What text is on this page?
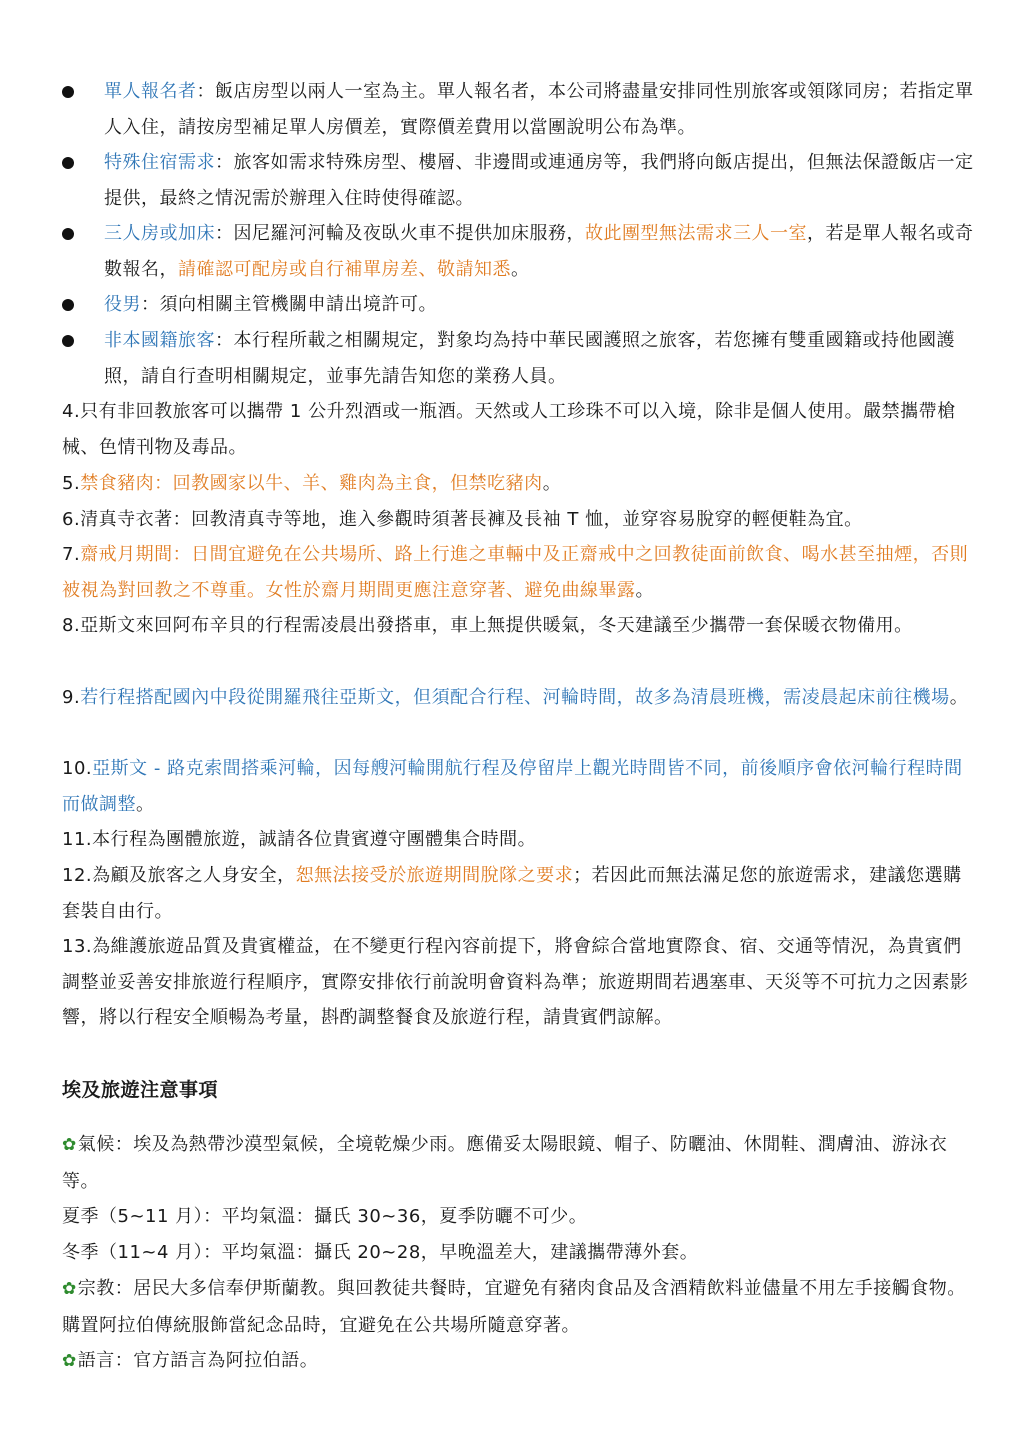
單人報名者：飯店房型以兩人一室為主。單人報名者，本公司將盡量安排同性別旅客或領隊同房；若指定單人入住，請按房型補足單人房價差，實際價差費用以當團說明公布為準。
特殊住宿需求：旅客如需求特殊房型、樓層、非邊間或連通房等，我們將向飯店提出，但無法保證飯店一定提供，最終之情況需於辦理入住時使得確認。
三人房或加床：因尼羅河河輪及夜臥火車不提供加床服務，故此團型無法需求三人一室，若是單人報名或奇數報名，請確認可配房或自行補單房差、敬請知悉。
役男：須向相關主管機關申請出境許可。
非本國籍旅客：本行程所載之相關規定，對象均為持中華民國護照之旅客，若您擁有雙重國籍或持他國護照，請自行查明相關規定，並事先請告知您的業務人員。
4.只有非回教旅客可以攜帶 1 公升烈酒或一瓶酒。天然或人工珍珠不可以入境，除非是個人使用。嚴禁攜帶槍械、色情刊物及毒品。
5.禁食豬肉：回教國家以牛、羊、雞肉為主食，但禁吃豬肉。
6.清真寺衣著：回教清真寺等地，進入參觀時須著長褲及長袖 T 恤，並穿容易脫穿的輕便鞋為宜。
7.齋戒月期間：日間宜避免在公共場所、路上行進之車輛中及正齋戒中之回教徒面前飲食、喝水甚至抽煙，否則被視為對回教之不尊重。女性於齋月期間更應注意穿著、避免曲線畢露。
8.亞斯文來回阿布辛貝的行程需凌晨出發搭車，車上無提供暖氣，冬天建議至少攜帶一套保暖衣物備用。
9.若行程搭配國內中段從開羅飛往亞斯文，但須配合行程、河輪時間，故多為清晨班機，需凌晨起床前往機場。
10.亞斯文 - 路克索間搭乘河輪，因每艘河輪開航行程及停留岸上觀光時間皆不同，前後順序會依河輪行程時間而做調整。
11.本行程為團體旅遊，誠請各位貴賓遵守團體集合時間。
12.為顧及旅客之人身安全，恕無法接受於旅遊期間脫隊之要求；若因此而無法滿足您的旅遊需求，建議您選購套裝自由行。
13.為維護旅遊品質及貴賓權益，在不變更行程內容前提下，將會綜合當地實際食、宿、交通等情況，為貴賓們調整並妥善安排旅遊行程順序，實際安排依行前說明會資料為準；旅遊期間若遇塞車、天災等不可抗力之因素影響，將以行程安全順暢為考量，斟酌調整餐食及旅遊行程，請貴賓們諒解。
埃及旅遊注意事項
✿氣候：埃及為熱帶沙漠型氣候，全境乾燥少雨。應備妥太陽眼鏡、帽子、防曬油、休閒鞋、潤膚油、游泳衣等。
夏季（5~11 月）：平均氣溫：攝氏 30~36，夏季防曬不可少。
冬季（11~4 月）：平均氣溫：攝氏 20~28，早晚溫差大，建議攜帶薄外套。
✿宗教：居民大多信奉伊斯蘭教。與回教徒共餐時，宜避免有豬肉食品及含酒精飲料並儘量不用左手接觸食物。購置阿拉伯傳統服飾當紀念品時，宜避免在公共場所隨意穿著。
✿語言：官方語言為阿拉伯語。
